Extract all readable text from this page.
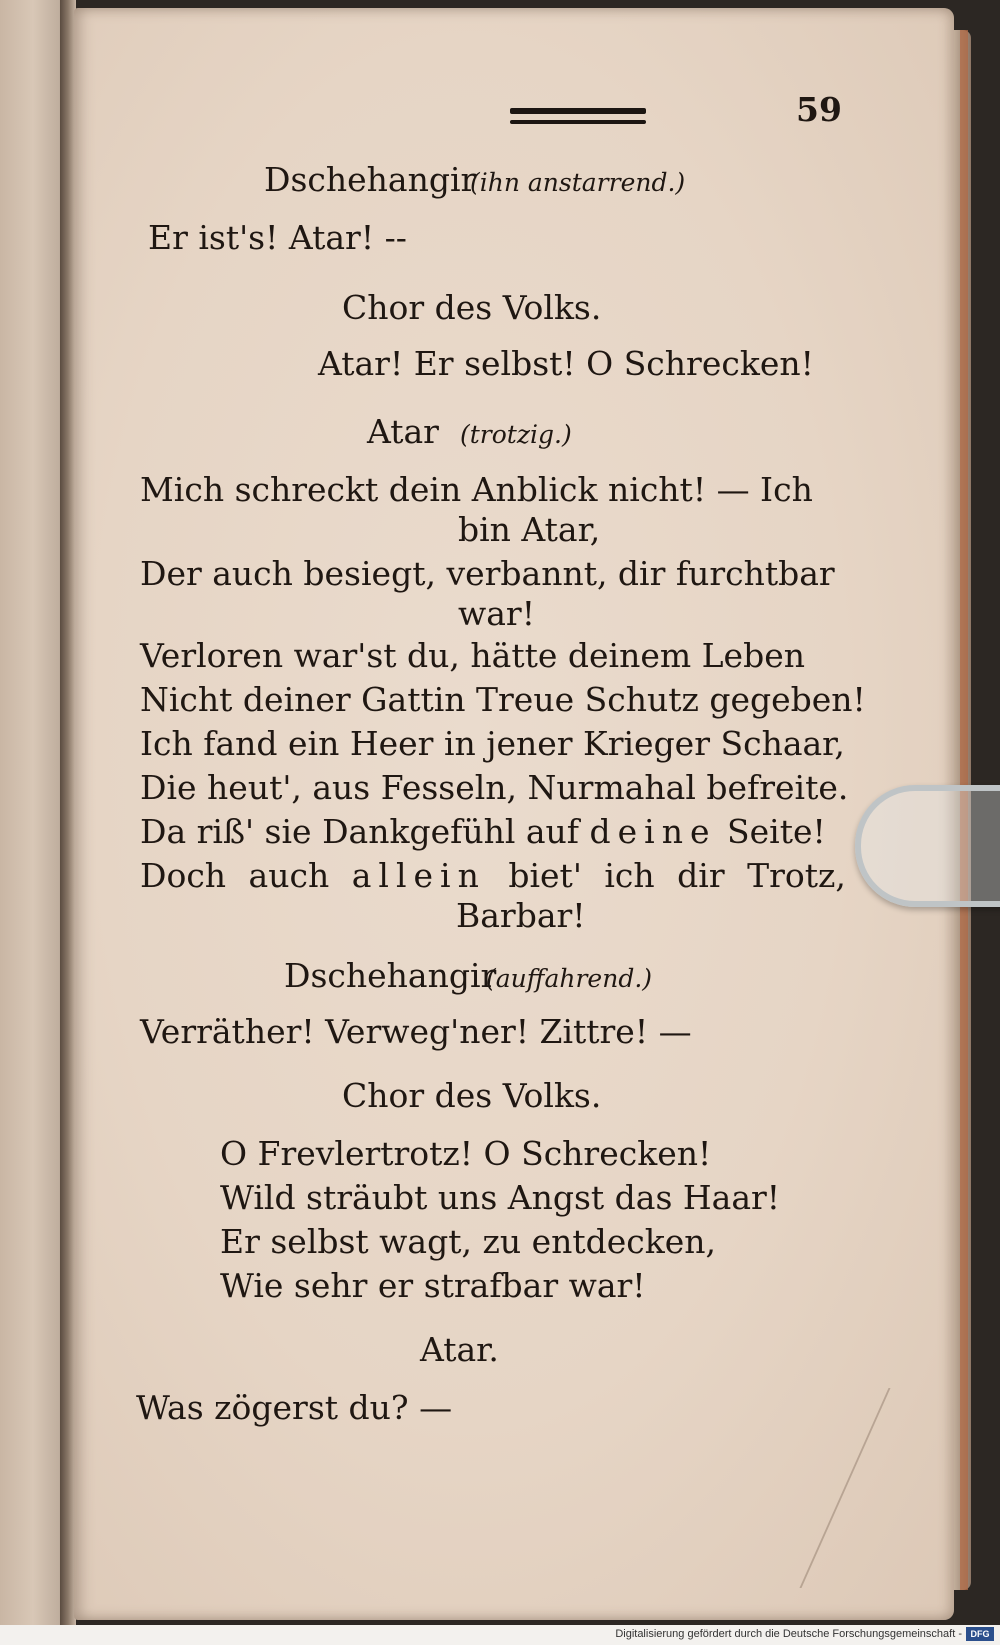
59
Dschehangir
(ihn anstarrend.)
Er ist's! Atar! --
Chor des Volks.
Atar! Er selbst! O Schrecken!
Atar (trotzig.)
Mich schreckt dein Anblick nicht! — Ich
bin Atar,
Der auch besiegt, verbannt, dir furchtbar
war!
Verloren war'st du, hätte deinem Leben
Nicht deiner Gattin Treue Schutz gegeben!
Ich fand ein Heer in jener Krieger Schaar,
Die heut', aus Fesseln, Nurmahal befreite.
Da riß' sie Dankgefühl auf deine Seite!
Doch auch allein biet' ich dir Trotz,
Barbar!
Dschehangir
(auffahrend.)
Verräther! Verweg'ner! Zittre! —
Chor des Volks.
O Frevlertrotz! O Schrecken!
Wild sträubt uns Angst das Haar!
Er selbst wagt, zu entdecken,
Wie sehr er strafbar war!
Atar.
Was zögerst du? —
Digitalisierung gefördert durch die Deutsche Forschungsgemeinschaft - DFG
